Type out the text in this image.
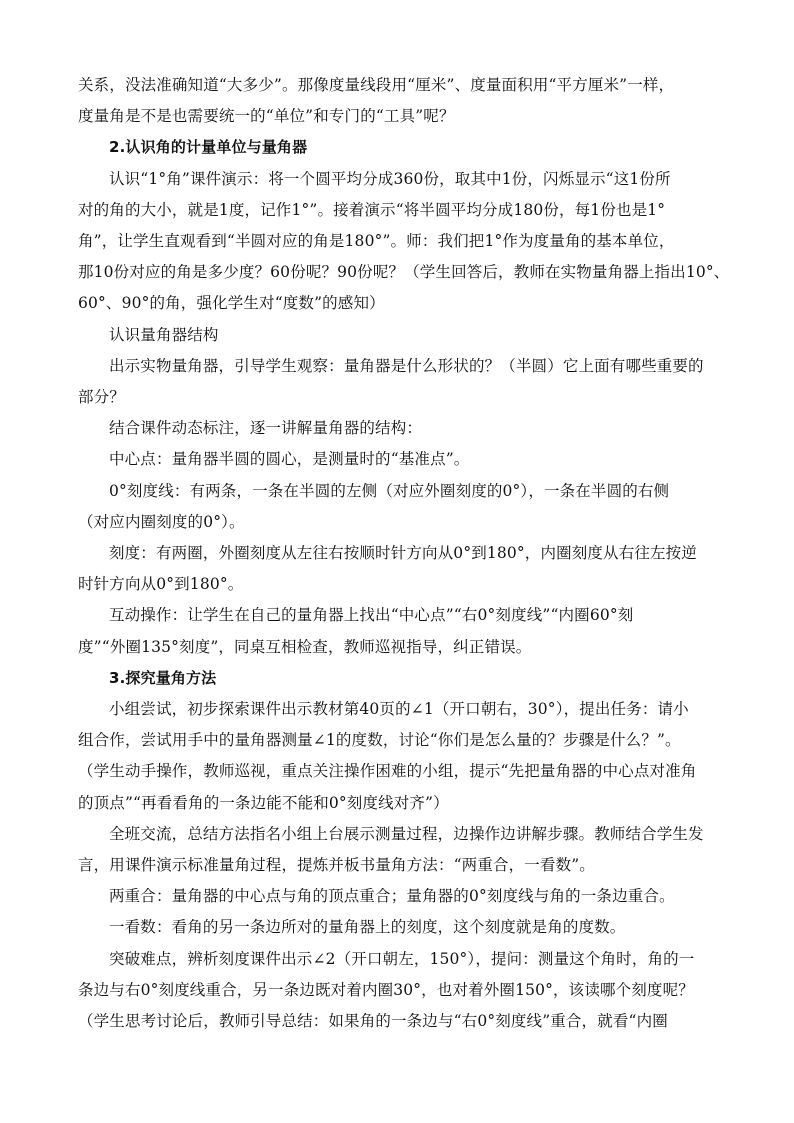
关系，没法准确知道“大多少”。那像度量线段用“厘米”、度量面积用“平方厘米”一样，
度量角是不是也需要统一的“单位”和专门的“工具”呢？
2.认识角的计量单位与量角器
认识“1°角”课件演示：将一个圆平均分成360份，取其中1份，闪烁显示“这1份所
对的角的大小，就是1度，记作1°”。接着演示“将半圆平均分成180份，每1份也是1°
角”，让学生直观看到“半圆对应的角是180°”。师：我们把1°作为度量角的基本单位，
那10份对应的角是多少度？60份呢？90份呢？（学生回答后，教师在实物量角器上指出10°、
60°、90°的角，强化学生对“度数”的感知）
认识量角器结构
出示实物量角器，引导学生观察：量角器是什么形状的？（半圆）它上面有哪些重要的
部分？
结合课件动态标注，逐一讲解量角器的结构：
中心点：量角器半圆的圆心，是测量时的“基准点”。
0°刻度线：有两条，一条在半圆的左侧（对应外圈刻度的0°），一条在半圆的右侧
（对应内圈刻度的0°）。
刻度：有两圈，外圈刻度从左往右按顺时针方向从0°到180°，内圈刻度从右往左按逆
时针方向从0°到180°。
互动操作：让学生在自己的量角器上找出“中心点”“右0°刻度线”“内圈60°刻
度”“外圈135°刻度”，同桌互相检查，教师巡视指导，纠正错误。
3.探究量角方法
小组尝试，初步探索课件出示教材第40页的∠1（开口朝右，30°），提出任务：请小
组合作，尝试用手中的量角器测量∠1的度数，讨论“你们是怎么量的？步骤是什么？”。
（学生动手操作，教师巡视，重点关注操作困难的小组，提示“先把量角器的中心点对准角
的顶点”“再看看角的一条边能不能和0°刻度线对齐”）
全班交流，总结方法指名小组上台展示测量过程，边操作边讲解步骤。教师结合学生发
言，用课件演示标准量角过程，提炼并板书量角方法：“两重合，一看数”。
两重合：量角器的中心点与角的顶点重合；量角器的0°刻度线与角的一条边重合。
一看数：看角的另一条边所对的量角器上的刻度，这个刻度就是角的度数。
突破难点，辨析刻度课件出示∠2（开口朝左，150°），提问：测量这个角时，角的一
条边与右0°刻度线重合，另一条边既对着内圈30°，也对着外圈150°，该读哪个刻度呢？
（学生思考讨论后，教师引导总结：如果角的一条边与“右0°刻度线”重合，就看“内圈
